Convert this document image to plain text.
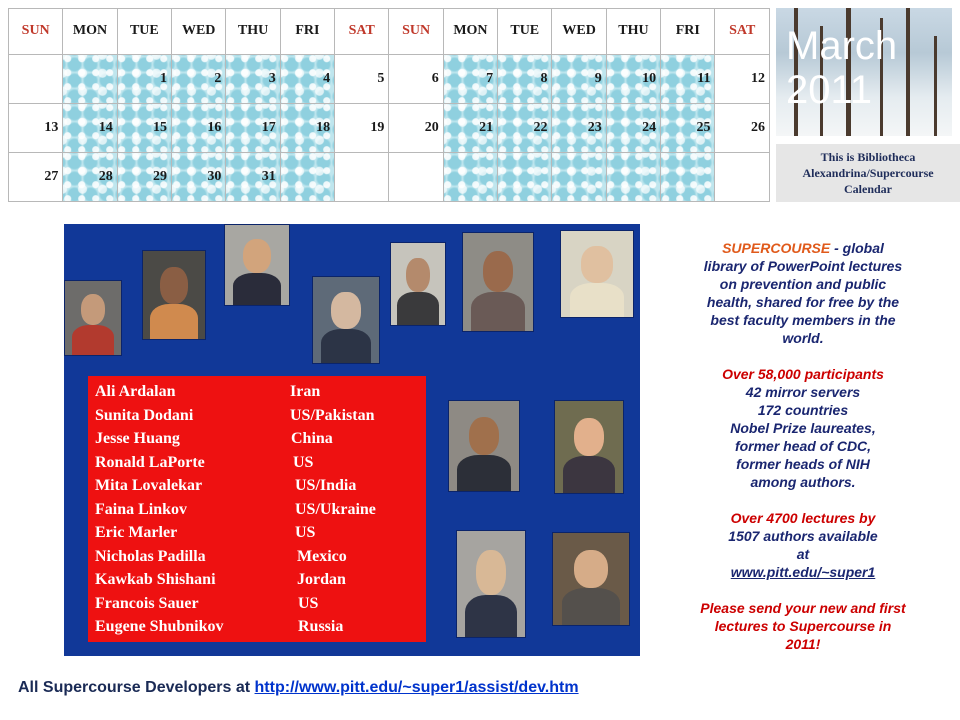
SUN	MON	TUE	WED	THU	FRI	SAT	SUN	MON	TUE	WED	THU	FRI	SAT
		1	2	3	4	5	6	7	8	9	10	11	12
13	14	15	16	17	18	19	20	21	22	23	24	25	26
27	28	29	30	31									
March
2011
This is Bibliotheca
Alexandrina/Supercourse
Calendar
Ali Ardalan	Iran
Sunita Dodani	US/Pakistan
Jesse Huang	China
Ronald LaPorte	US
Mita Lovalekar	US/India
Faina Linkov	US/Ukraine
Eric Marler	US
Nicholas Padilla	Mexico
Kawkab Shishani	Jordan
Francois Sauer	US
Eugene Shubnikov	Russia

SUPERCOURSE - global library of PowerPoint lectures on prevention and public health, shared for free by the best faculty members in the world.

Over 58,000 participants
42 mirror servers
172 countries
Nobel Prize laureates,
former head of CDC,
former heads of NIH
among authors.

Over 4700 lectures by
1507 authors available
at
www.pitt.edu/~super1

Please send your new and first lectures to Supercourse in 2011!

All Supercourse Developers at http://www.pitt.edu/~super1/assist/dev.htm
